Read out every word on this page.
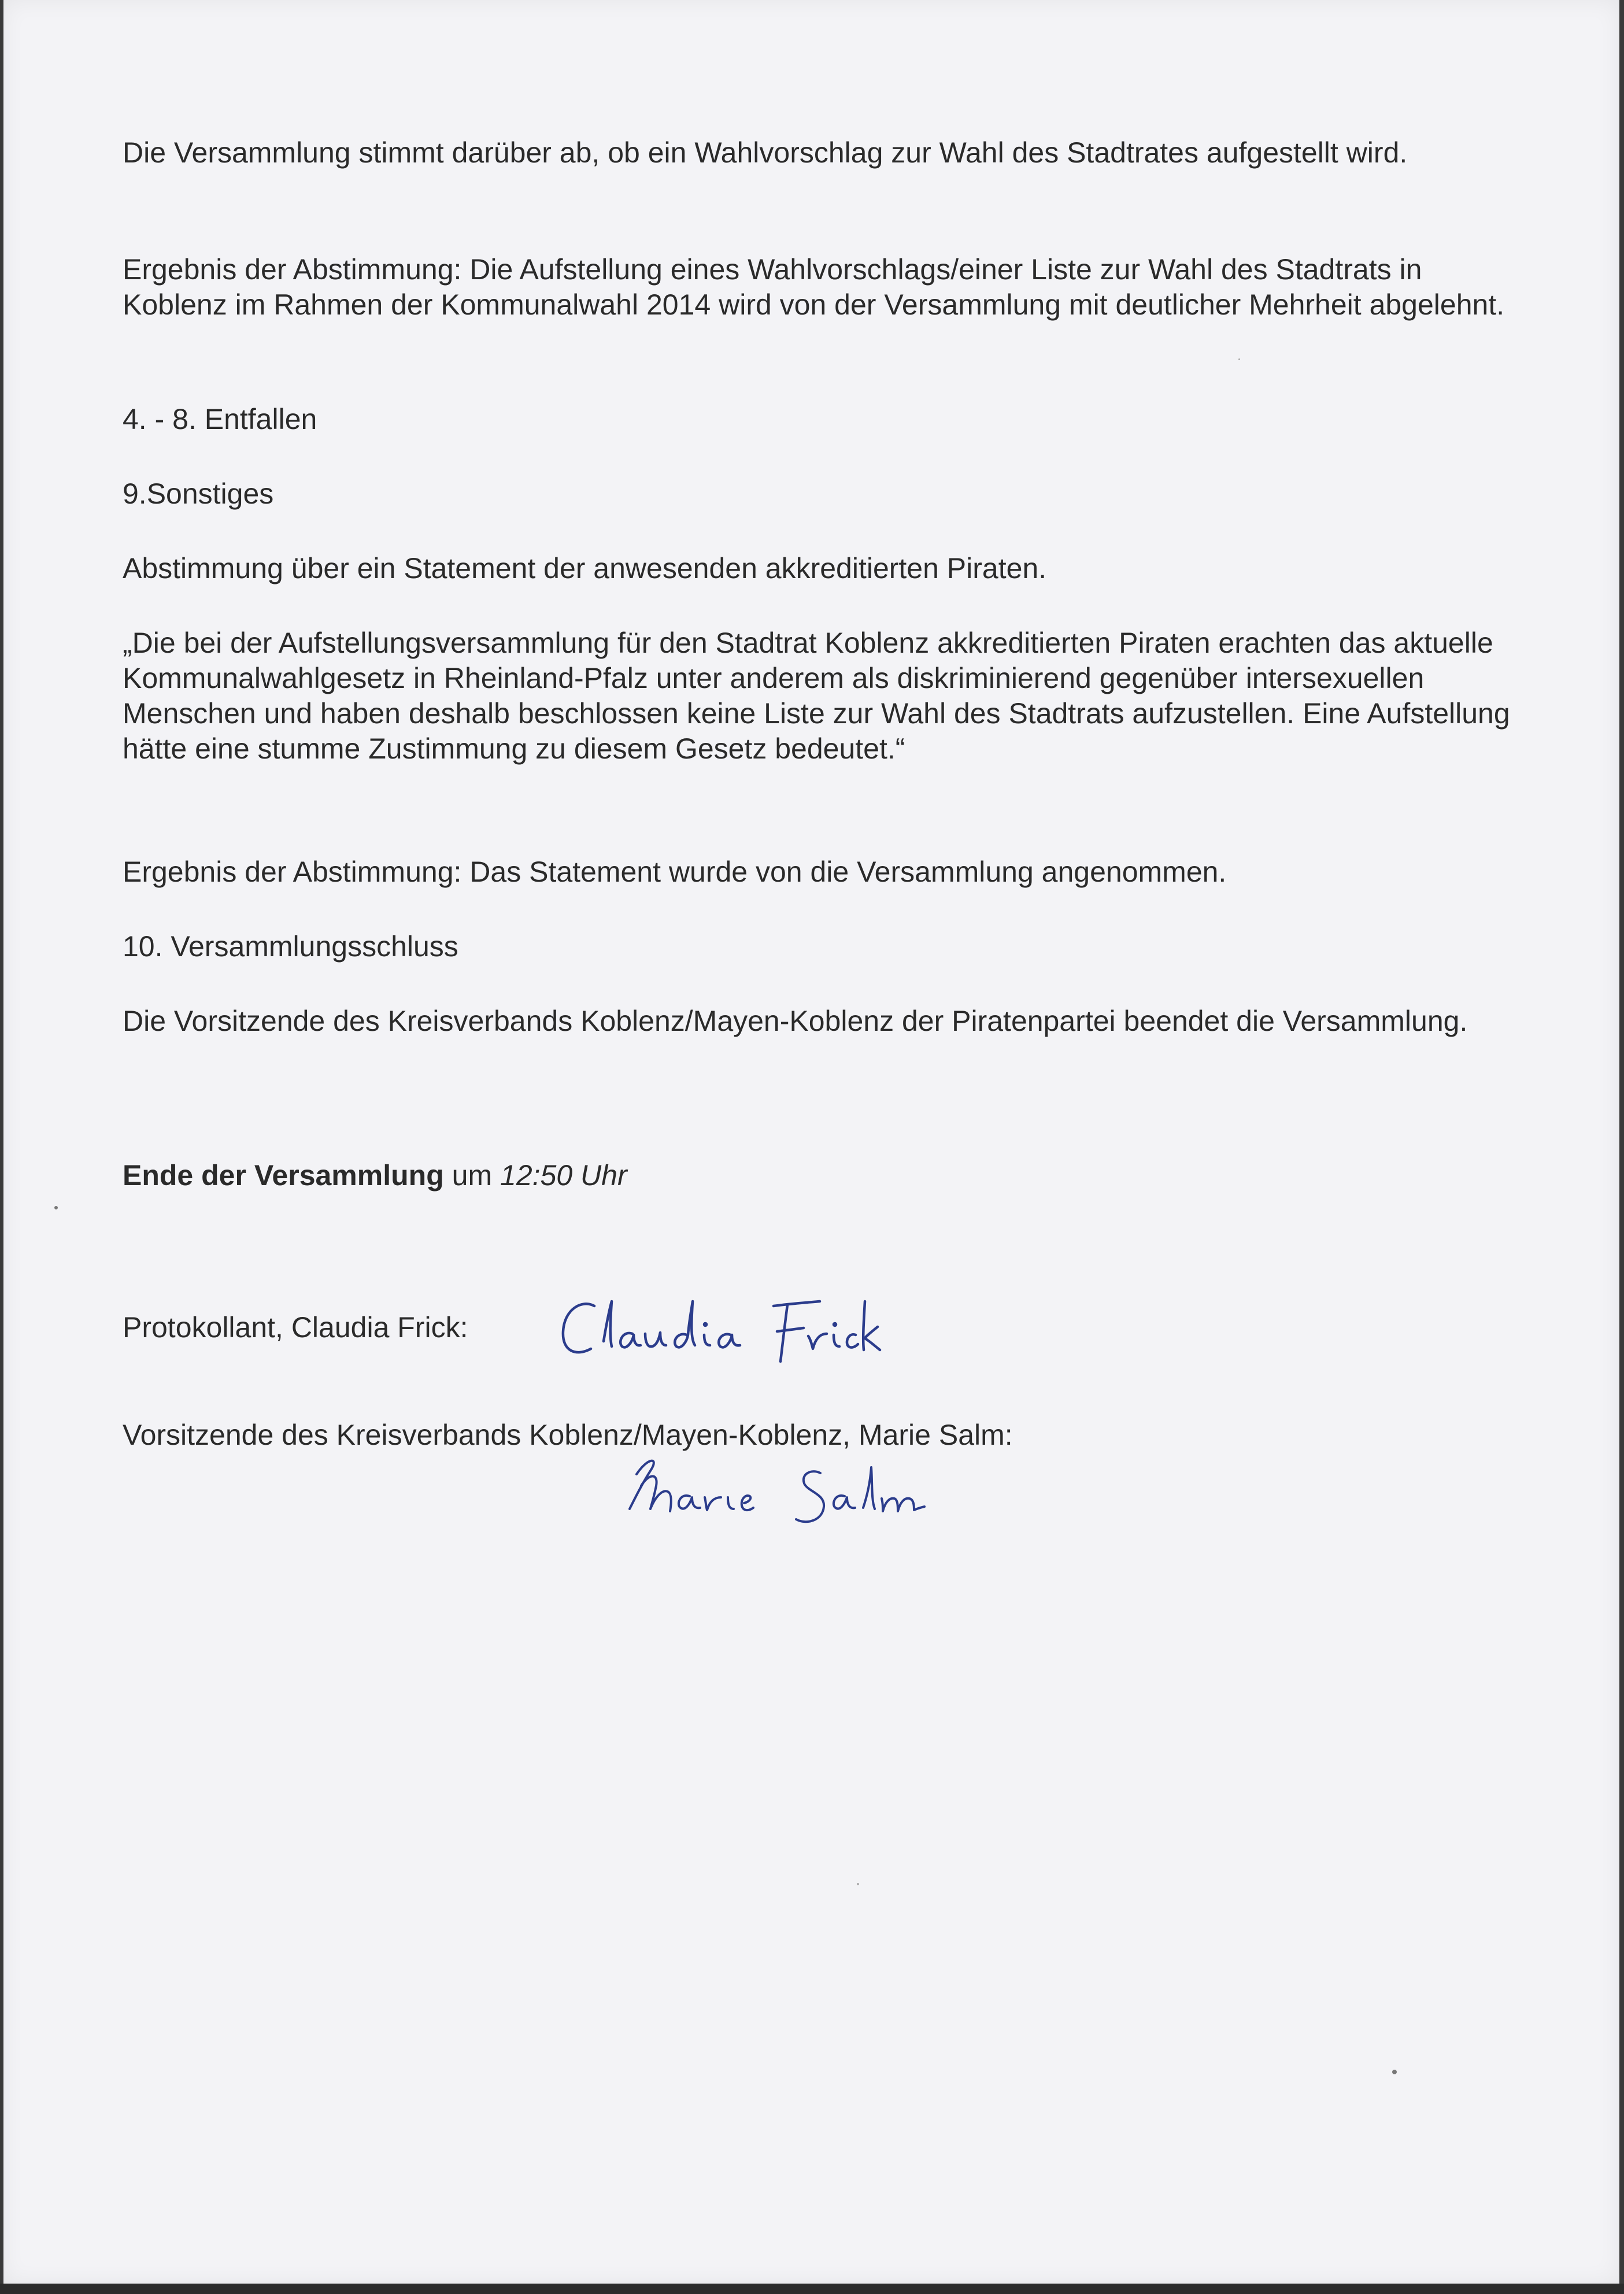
Die Versammlung stimmt darüber ab, ob ein Wahlvorschlag zur Wahl des Stadtrates aufgestellt wird.

Ergebnis der Abstimmung: Die Aufstellung eines Wahlvorschlags/einer Liste zur Wahl des Stadtrats in Koblenz im Rahmen der Kommunalwahl 2014 wird von der Versammlung mit deutlicher Mehrheit abgelehnt.

4. - 8. Entfallen

9.Sonstiges

Abstimmung über ein Statement der anwesenden akkreditierten Piraten.

„Die bei der Aufstellungsversammlung für den Stadtrat Koblenz akkreditierten Piraten erachten das aktuelle Kommunalwahlgesetz in Rheinland-Pfalz unter anderem als diskriminierend gegenüber intersexuellen Menschen und haben deshalb beschlossen keine Liste zur Wahl des Stadtrats aufzustellen. Eine Aufstellung hätte eine stumme Zustimmung zu diesem Gesetz bedeutet.“

Ergebnis der Abstimmung: Das Statement wurde von die Versammlung angenommen.

10. Versammlungsschluss

Die Vorsitzende des Kreisverbands Koblenz/Mayen-Koblenz der Piratenpartei beendet die Versammlung.

Ende der Versammlung um 12:50 Uhr

Protokollant, Claudia Frick:

Vorsitzende des Kreisverbands Koblenz/Mayen-Koblenz, Marie Salm:
